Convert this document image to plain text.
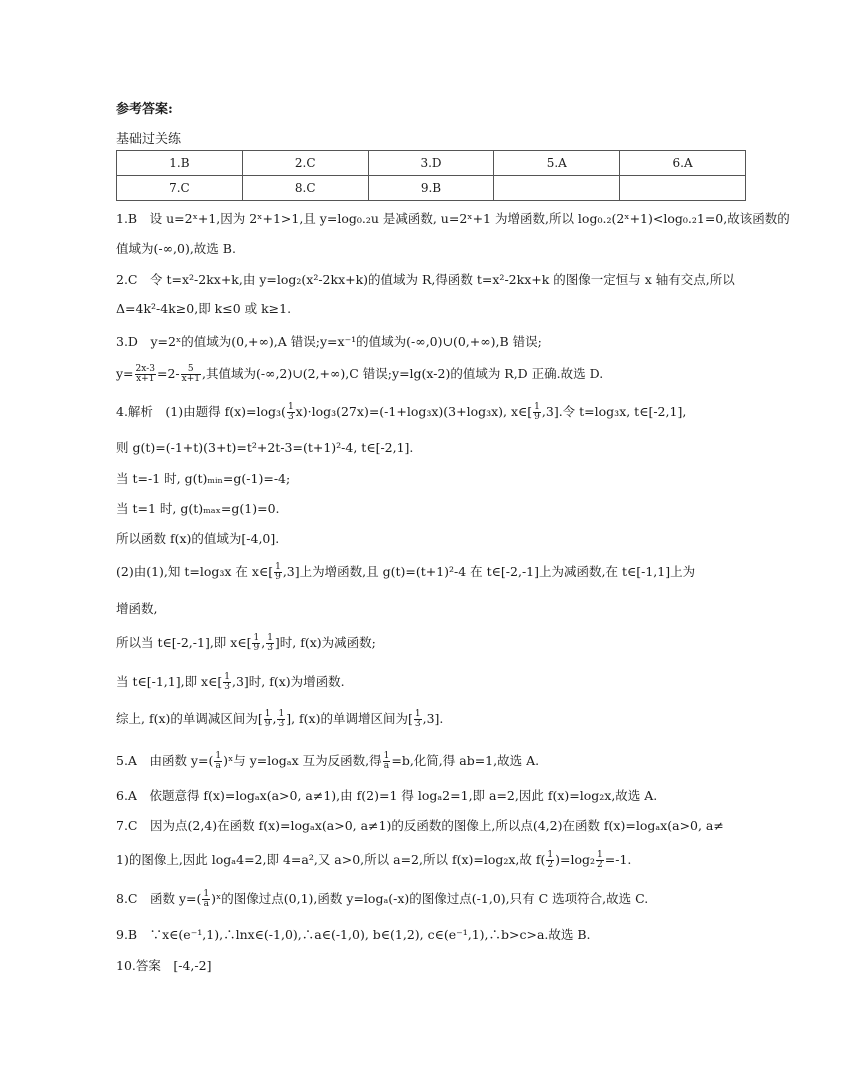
参考答案:
基础过关练
1.B	2.C	3.D	5.A	6.A
7.C	8.C	9.B		
1.B　设 u=2ˣ+1,因为 2ˣ+1>1,且 y=log₀.₂u 是减函数, u=2ˣ+1 为增函数,所以 log₀.₂(2ˣ+1)<log₀.₂1=0,故该函数的
值域为(-∞,0),故选 B.
2.C　令 t=x²-2kx+k,由 y=log₂(x²-2kx+k)的值域为 R,得函数 t=x²-2kx+k 的图像一定恒与 x 轴有交点,所以
Δ=4k²-4k≥0,即 k≤0 或 k≥1.
3.D　y=2ˣ的值域为(0,+∞),A 错误;y=x⁻¹的值域为(-∞,0)∪(0,+∞),B 错误;
$y= \frac{2x-3}{x+1} =2- \frac{5}{x+1}$ ,其值域为(-∞,2)∪(2,+∞),C 错误;y=lg(x-2)的值域为 R,D 正确.故选 D.
4.解析　(1)由题得 $f(x)=\log_3( \frac{1}{3} x)\cdot\log_3(27x)=(-1+\log_3x)(3+\log_3x)$, x∈[ $\frac{1}{9} ,3$].令 t=log₃x, t∈[-2,1],
则 g(t)=(-1+t)(3+t)=t²+2t-3=(t+1)²-4, t∈[-2,1].
当 t=-1 时, g(t)ₘᵢₙ=g(-1)=-4;
当 t=1 时, g(t)ₘₐₓ=g(1)=0.
所以函数 f(x)的值域为[-4,0].
(2)由(1),知 t=log₃x 在 x∈[ $\frac{1}{9} ,3$]上为增函数,且 g(t)=(t+1)²-4 在 t∈[-2,-1]上为减函数,在 t∈[-1,1]上为
增函数,
所以当 t∈[-2,-1],即 x∈[ $\frac{1}{9}$ , $\frac{1}{3}$ ]时, f(x)为减函数;
当 t∈[-1,1],即 x∈[ $\frac{1}{3} ,3$]时, f(x)为增函数.
综上, f(x)的单调减区间为[ $\frac{1}{9}$ , $\frac{1}{3}$ ], f(x)的单调增区间为[ $\frac{1}{3} ,3$].
5.A　由函数 $y=( \frac{1}{a}$ )ˣ与 y=logₐx 互为反函数,得 $\frac{1}{a} =b$,化简,得 ab=1,故选 A.
6.A　依题意得 f(x)=logₐx(a>0, a≠1),由 f(2)=1 得 logₐ2=1,即 a=2,因此 f(x)=log₂x,故选 A.
7.C　因为点(2,4)在函数 f(x)=logₐx(a>0, a≠1)的反函数的图像上,所以点(4,2)在函数 f(x)=logₐx(a>0, a≠
1)的图像上,因此 logₐ4=2,即 4=a²,又 a>0,所以 a=2,所以 f(x)=log₂x,故 $f( \frac{1}{2} )=\log_2 \frac{1}{2} =-1$.
8.C　函数 $y=( \frac{1}{a}$ )ˣ的图像过点(0,1),函数 y=logₐ(-x)的图像过点(-1,0),只有 C 选项符合,故选 C.
9.B　∵x∈(e⁻¹,1),∴lnx∈(-1,0),∴a∈(-1,0), b∈(1,2), c∈(e⁻¹,1),∴b>c>a.故选 B.
10.答案　[-4,-2]
